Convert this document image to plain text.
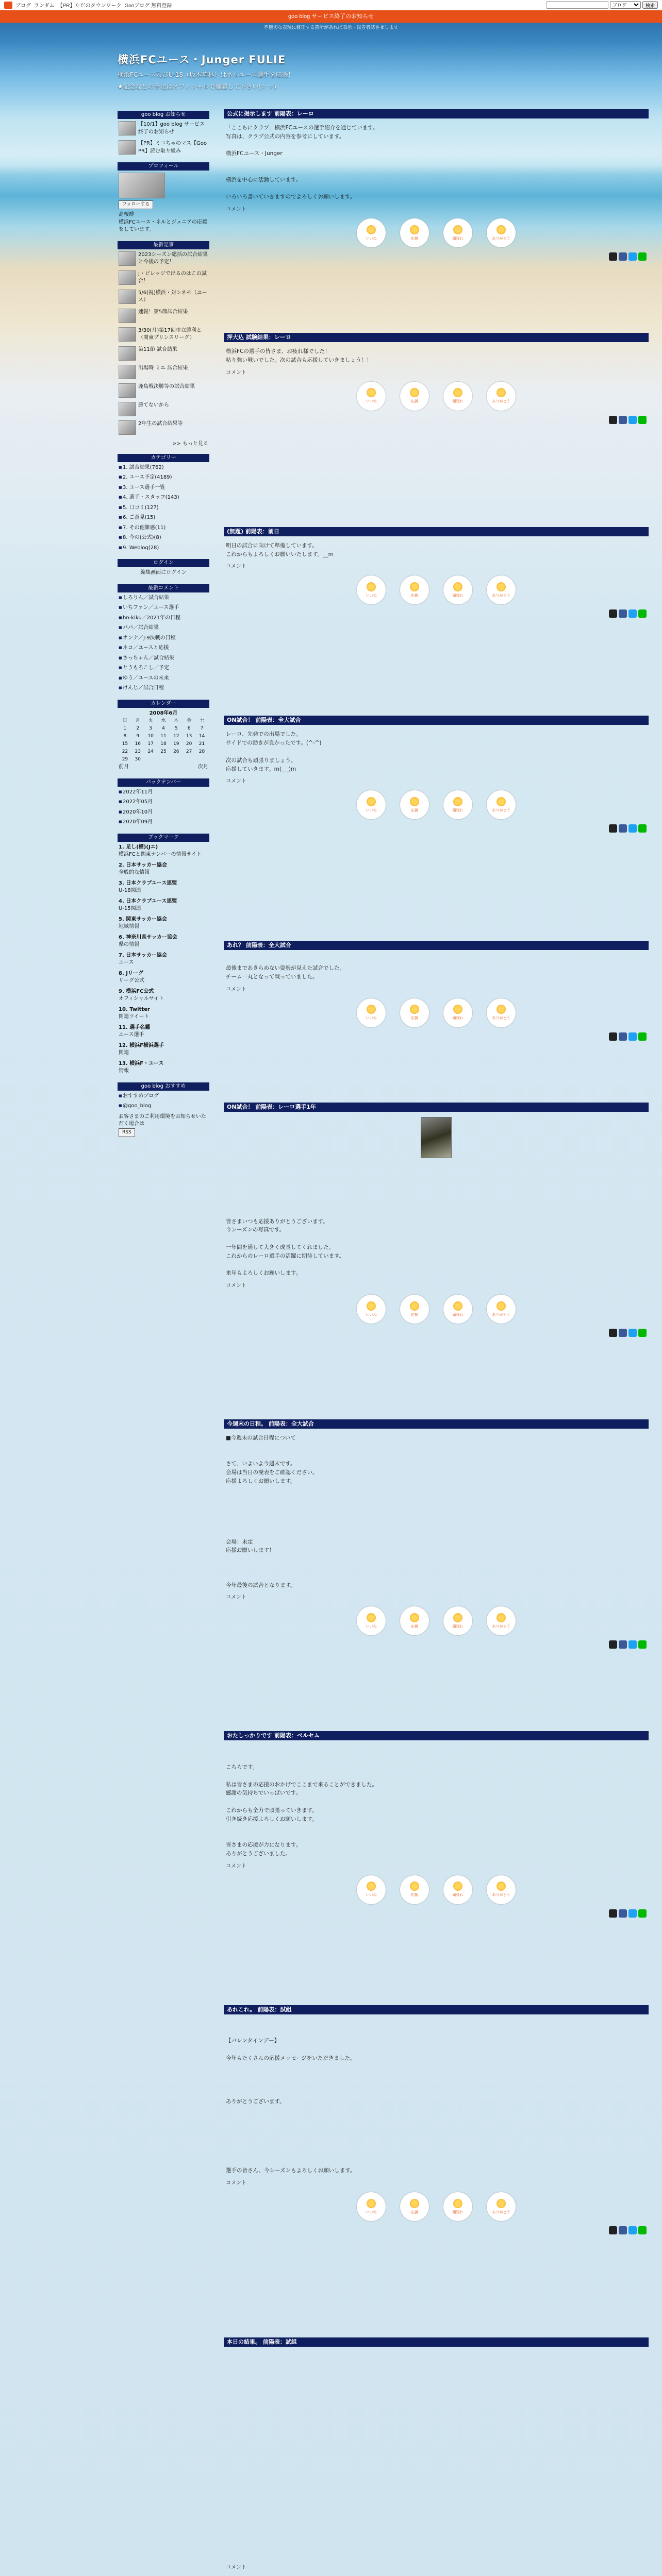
ブログ ランダム 【PR】ただのタウンワーク Gooブログ 無料登録
ブログ	検索
goo blog サービス終了のお知らせ
不適切な表現に修正する箇所があれば表示・報告者誌させします
横浜FCユース・Junger FULIE

横浜FCユース及びU-18（坂本華林）はネルユース選手を応援！

★記念などの予定はオフィシャルで確認して下さい(☆ ☆)

goo blog お知らせ
【10/1】goo blog サービス終了のお知らせ
【PR】ミコちゃのマス【Goo PR】読む取り組み
プロフィール
フォローする
高桜酢
横浜FCユース・ネルとジュニアの応援をしています。
最新記事
2023シーズン総括の試合結果と今後の予定！
J・ビレッジで出るのはこの試合！
5/6(祝)横浜・対シネモ（ユース）
速報！第5節試合結果
3/30(月)第17回市立勝利と（関東プリンスリーグ）
第11節 試合結果
出場時 ミエ 試合結果
鹿島戦決勝等の試合結果
勝てないから
2年生の試合結果等
>> もっと見る
カテゴリー
■ 1. 試合結果(762)
■ 2. ユース予定(4189)
■ 3. ユース選手一覧
■ 4. 選手・スタッフ(143)
■ 5. 口コミ(127)
■ 6. ご意見(15)
■ 7. その他雑感(11)
■ 8. 今の(公式)(8)
■ 9. Weblog(28)
ログイン
編集画面にログイン
最新コメント
■ しろりん／試合結果
■ いちファン／ユース選手
■ hn-kiku／2021年の日程
■ パパ／試合結果
■ オンナ／J-9決戦の日程
■ ネコ／ユースと応援
■ さっちゃん／試合結果
■ とうもろこし／予定
■ ゆう／ユースの未来
■ けんじ／試合日程
カレンダー
2008年6月
日	月	火	水	木	金	土
1	2	3	4	5	6	7
8	9	10	11	12	13	14
15	16	17	18	19	20	21
22	23	24	25	26	27	28
29	30					
前月	次月
バックナンバー
■ 2022年11月
■ 2022年05月
■ 2020年10月
■ 2020年09月
ブックマーク
1. 足し(横)(Jエ)
横浜FCと関東ナンバーの情報サイト
2. 日本サッカー協会
全般的な情報
3. 日本クラブユース連盟
U-18関連
4. 日本クラブユース連盟
U-15関連
5. 関東サッカー協会
地域情報
6. 神奈川県サッカー協会
県の情報
7. 日本サッカー協会
ユース
8. Jリーグ
リーグ公式
9. 横浜FC公式
オフィシャルサイト
10. Twitter
関連ツイート
11. 選手名鑑
ユース選手
12. 横浜F横浜選手
関連
13. 横浜F・ユース
情報
goo blog おすすめ
■ おすすめブログ
■ @goo_blog
お客さまのご利用環境をお知らせいただく場合は
RSS
公式に掲示します 前陽表：レーロ
「ここちにクラブ」横浜FCユースの選手紹介を通じています。
写真は、クラブ公式の内容を参考にしています。

横浜FCユース・Junger

横浜を中心に活動しています。

いろいろ書いていきますのでよろしくお願いします。
コメント
いいね	応援	頑張れ	ありがとう
押大込 試験結果：レーロ
横浜FCの選手の皆さま、お疲れ様でした！
粘り強い戦いでした。次の試合も応援していきましょう！！
コメント
いいね	応援	頑張れ	ありがとう
(無題) 前陽表：前日
明日の試合に向けて準備しています。
これからもよろしくお願いいたします。__m
コメント
いいね	応援	頑張れ	ありがとう
ON試合！ 前陽表：全大試合
レーロ、先発での出場でした。
サイドでの動きが良かったです。(^-^)

次の試合も頑張りましょう。
応援していきます。m(_ _)m
コメント
いいね	応援	頑張れ	ありがとう
あれ？ 前陽表：全大試合

最後まであきらめない姿勢が見えた試合でした。
チーム一丸となって戦っていました。
コメント
いいね	応援	頑張れ	ありがとう
ON試合！ 前陽表：レーロ選手1年

皆さまいつも応援ありがとうございます。
今シーズンの写真です。

一年間を通して大きく成長してくれました。
これからのレーロ選手の活躍に期待しています。

来年もよろしくお願いします。
コメント
いいね	応援	頑張れ	ありがとう
今週末の日程。 前陽表：全大試合
■今週末の試合日程について

さて、いよいよ今週末です。
会場は当日の発表をご確認ください。
応援よろしくお願いします。

会場：未定
応援お願いします！

今年最後の試合となります。
コメント
いいね	応援	頑張れ	ありがとう
おたしっかりです 前陽表：ベルセム

こちらです。

私は皆さまの応援のおかげでここまで来ることができました。
感謝の気持ちでいっぱいです。

これからも全力で頑張っていきます。
引き続き応援よろしくお願いします。

皆さまの応援が力になります。
ありがとうございました。
コメント
いいね	応援	頑張れ	ありがとう
あれこれ。 前陽表：試組

【バレンタインデー】

今年もたくさんの応援メッセージをいただきました。

ありがとうございます。

選手の皆さん、今シーズンもよろしくお願いします。
コメント
いいね	応援	頑張れ	ありがとう
本日の結果。 前陽表：試組

コメント
